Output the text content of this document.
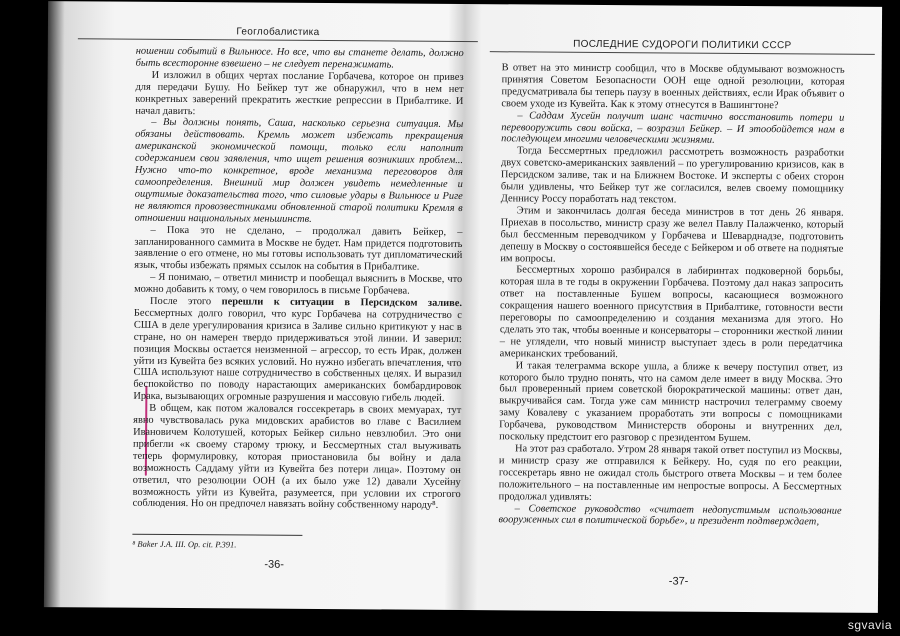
Геоглобалистика

ношении событий в Вильнюсе. Но все, что вы станете делать, должно быть всесторонне взвешено – не следует перенажимать.

И изложил в общих чертах послание Горбачева, которое он привез для передачи Бушу. Но Бейкер тут же обнаружил, что в нем нет конкретных заверений прекратить жесткие репрессии в Прибалтике. И начал давить:

– Вы должны понять, Саша, насколько серьезна ситуация. Мы обязаны действовать. Кремль может избежать прекращения американской экономической помощи, только если наполнит содержанием свои заявления, что ищет решения возникших проблем... Нужно что-то конкретное, вроде механизма переговоров для самоопределения. Внешний мир должен увидеть немедленные и ощутимые доказательства того, что силовые удары в Вильнюсе и Риге не являются провозвестниками обновленной старой политики Кремля в отношении национальных меньшинств.

– Пока это не сделано, – продолжал давить Бейкер, – запланированного саммита в Москве не будет. Нам придется подготовить заявление о его отмене, но мы готовы использовать тут дипломатический язык, чтобы избежать прямых ссылок на события в Прибалтике.

– Я понимаю, – ответил министр и пообещал выяснить в Москве, что можно добавить к тому, о чем говорилось в письме Горбачева.

После этого перешли к ситуации в Персидском заливе. Бессмертных долго говорил, что курс Горбачева на сотрудничество с США в деле урегулирования кризиса в Заливе сильно критикуют у нас в стране, но он намерен твердо придерживаться этой линии. И заверил: позиция Москвы остается неизменной – агрессор, то есть Ирак, должен уйти из Кувейта без всяких условий. Но нужно избегать впечатления, что США используют наше сотрудничество в собственных целях. И выразил беспокойство по поводу нарастающих американских бомбардировок Ирака, вызывающих огромные разрушения и массовую гибель людей.

В общем, как потом жаловался госсекретарь в своих мемуарах, тут явно чувствовалась рука мидовских арабистов во главе с Василием Ивановичем Колотушей, которых Бейкер сильно невзлюбил. Это они прибегли «к своему старому трюку, и Бессмертных стал выуживать теперь формулировку, которая приостановила бы войну и дала возможность Саддаму уйти из Кувейта без потери лица». Поэтому он ответил, что резолюции ООН (а их было уже 12) давали Хусейну возможность уйти из Кувейта, разумеется, при условии их строгого соблюдения. Но он предпочел навязать войну собственному народу⁸.

⁸ Baker J.A. III. Op. cit. P.391.
-36-
ПОСЛЕДНИЕ СУДОРОГИ ПОЛИТИКИ СССР

В ответ на это министр сообщил, что в Москве обдумывают возможность принятия Советом Безопасности ООН еще одной резолюции, которая предусматривала бы теперь паузу в военных действиях, если Ирак объявит о своем уходе из Кувейта. Как к этому отнесутся в Вашингтоне?

– Саддам Хусейн получит шанс частично восстановить потери и перевооружить свои войска, – возразил Бейкер. – И этообойдется нам в последующем многими человеческими жизнями.

Тогда Бессмертных предложил рассмотреть возможность разработки двух советско-американских заявлений – по урегулированию кризисов, как в Персидском заливе, так и на Ближнем Востоке. И эксперты с обеих сторон были удивлены, что Бейкер тут же согласился, велев своему помощнику Деннису Россу поработать над текстом.

Этим и закончилась долгая беседа министров в тот день 26 января. Приехав в посольство, министр сразу же велел Павлу Палажченко, который был бессменным переводчиком у Горбачева и Шеварднадзе, подготовить депешу в Москву о состоявшейся беседе с Бейкером и об ответе на поднятые им вопросы.

Бессмертных хорошо разбирался в лабиринтах подковерной борьбы, которая шла в те годы в окружении Горбачева. Поэтому дал наказ запросить ответ на поставленные Бушем вопросы, касающиеся возможного сокращения нашего военного присутствия в Прибалтике, готовности вести переговоры по самоопределению и создания механизма для этого. Но сделать это так, чтобы военные и консерваторы – сторонники жесткой линии – не углядели, что новый министр выступает здесь в роли передатчика американских требований.

И такая телеграмма вскоре ушла, а ближе к вечеру поступил ответ, из которого было трудно понять, что на самом деле имеет в виду Москва. Это был проверенный прием советской бюрократической машины: ответ дан, выкручивайся сам. Тогда уже сам министр настрочил телеграмму своему заму Ковалеву с указанием проработать эти вопросы с помощниками Горбачева, руководством Министерств обороны и внутренних дел, поскольку предстоит его разговор с президентом Бушем.

На этот раз сработало. Утром 28 января такой ответ поступил из Москвы, и министр сразу же отправился к Бейкеру. Но, судя по его реакции, госсекретарь явно не ожидал столь быстрого ответа Москвы – и тем более положительного – на поставленные им непростые вопросы. А Бессмертных продолжал удивлять:

– Советское руководство «считает недопустимым использование вооруженных сил в политической борьбе», и президент подтверждает,

-37-
sgvavia
